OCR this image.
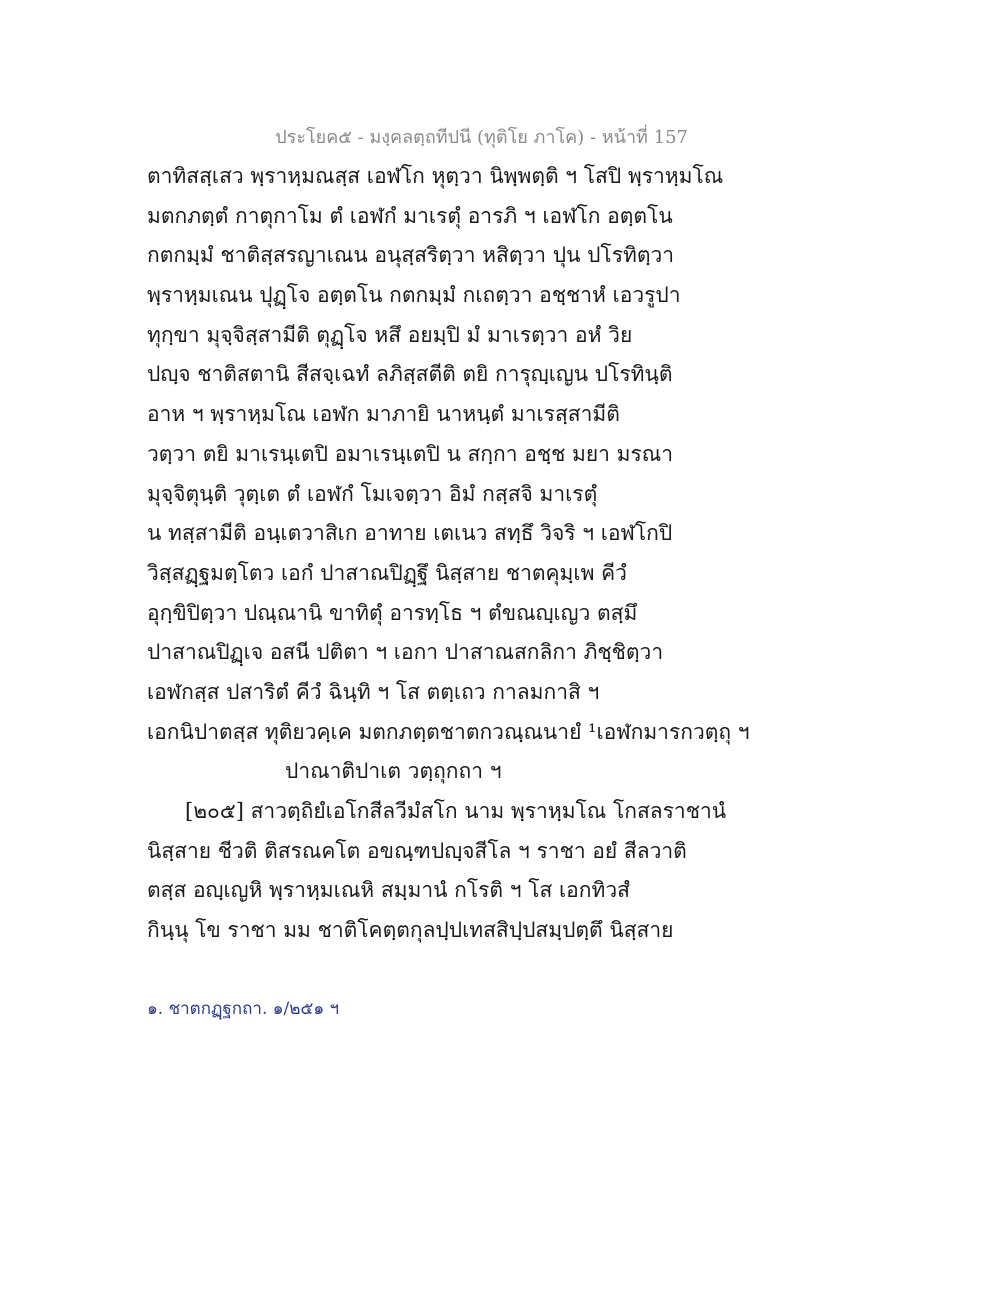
ประโยค๕ - มงฺคลตฺถทีปนี (ทุติโย ภาโค) - หน้าที่ 157
ตาทิสสฺเสว พฺราหฺมณสฺส เอฬโก หุตฺวา นิพฺพตฺติ ฯ โสปิ พฺราหฺมโณ
มตกภตฺตํ กาตุกาโม ตํ เอฬกํ มาเรตุํ อารภิ ฯ เอฬโก อตฺตโน
กตกมฺมํ ชาติสฺสรญาเณน อนุสฺสริตฺวา หสิตฺวา ปุน ปโรทิตฺวา
พฺราหฺมเณน ปุฏฺโจ อตฺตโน กตกมฺมํ กเถตฺวา อชฺชาหํ เอวรูปา
ทุกฺขา มุจฺจิสฺสามีติ ตุฏฺโจ หสึ อยมฺปิ มํ มาเรตฺวา อหํ วิย
ปญฺจ ชาติสตานิ สีสจฺเฉทํ ลภิสฺสตีติ ตยิ การุญฺเญน ปโรทินฺติ
อาห ฯ พฺราหฺมโณ เอฬก มาภายิ นาหนฺตํ มาเรสฺสามีติ
วตฺวา ตยิ มาเรนฺเตปิ อมาเรนฺเตปิ น สกฺกา อชฺช มยา มรณา
มุจฺจิตุนฺติ วุตฺเต ตํ เอฬกํ โมเจตฺวา อิมํ กสฺสจิ มาเรตุํ
น ทสฺสามีติ อนฺเตวาสิเก อาทาย เตเนว สทฺธึ วิจริ ฯ เอฬโกปิ
วิสฺสฏฺฐมตฺโตว เอกํ ปาสาณปิฏฺฐึ นิสฺสาย ชาตคุมฺเพ คีวํ
อุกฺขิปิตฺวา ปณฺณานิ ขาทิตุํ อารทฺโธ ฯ ตํขณญฺเญว ตสฺมึ
ปาสาณปิฏฺเจ อสนี ปติตา ฯ เอกา ปาสาณสกลิกา ภิชฺชิตฺวา
เอฬกสฺส ปสาริตํ คีวํ ฉินฺทิ ฯ โส ตตฺเถว กาลมกาสิ ฯ
เอกนิปาตสฺส ทุติยวคฺเค มตกภตฺตชาตกวณฺณนายํ ¹เอฬกมารกวตฺถุ ฯ
ปาณาติปาเต วตฺถุกถา ฯ
[๒๐๕] สาวตฺถิยํเอโกสีลวีมํสโก นาม พฺราหฺมโณ โกสลราชานํ
นิสฺสาย ชีวติ ติสรณคโต อขณฺฑปญฺจสีโล ฯ ราชา อยํ สีลวาติ
ตสฺส อญฺเญหิ พฺราหฺมเณหิ สมฺมานํ กโรติ ฯ โส เอกทิวสํ
กินฺนุ โข ราชา มม ชาติโคตฺตกุลปฺปเทสสิปฺปสมฺปตฺตึ นิสฺสาย
๑. ชาตกฏฺฐกถา. ๑/๒๕๑ ฯ
